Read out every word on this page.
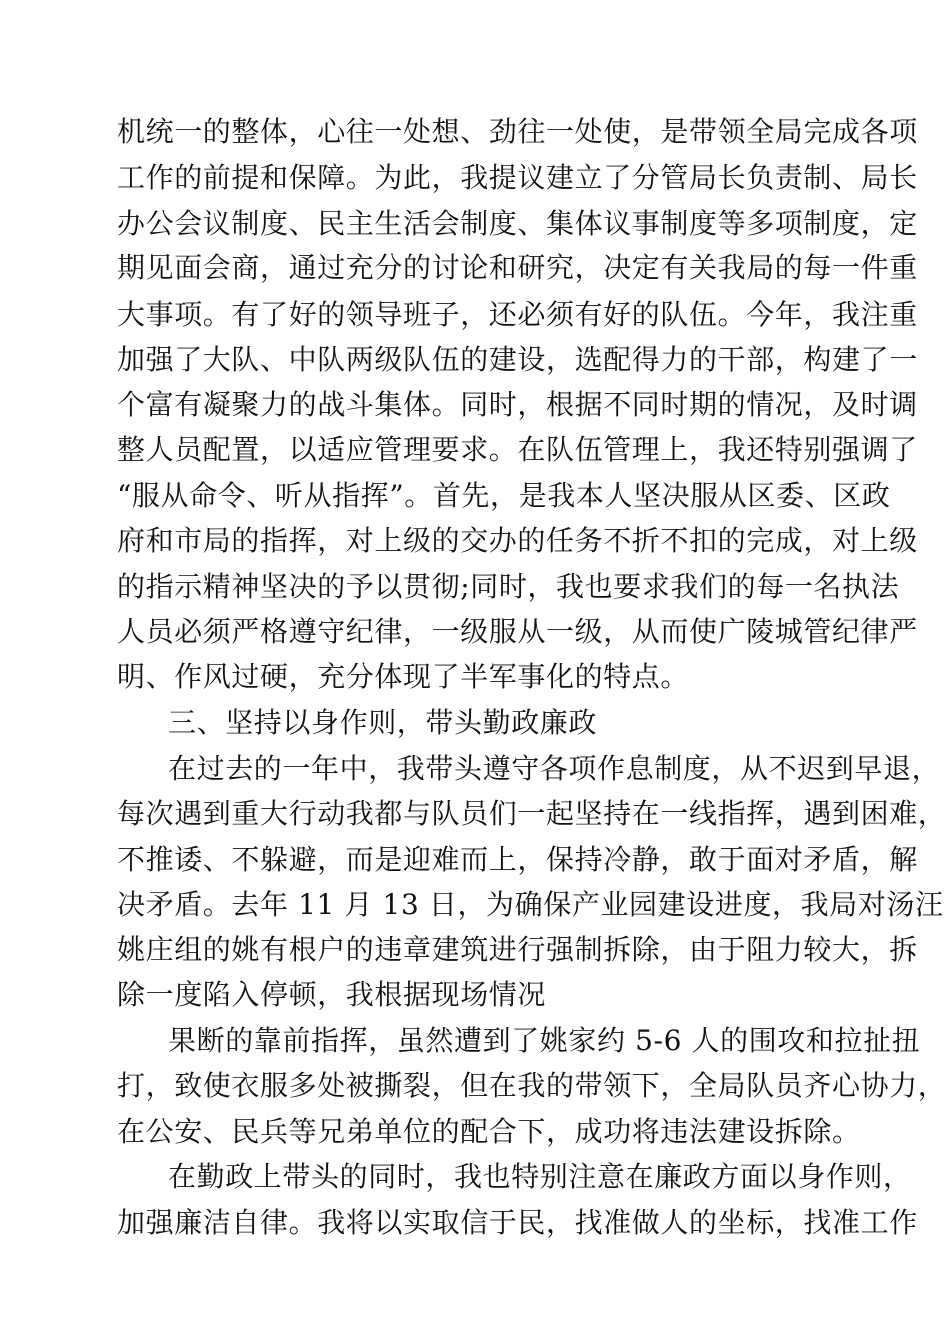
机统一的整体，心往一处想、劲往一处使，是带领全局完成各项
工作的前提和保障。为此，我提议建立了分管局长负责制、局长
办公会议制度、民主生活会制度、集体议事制度等多项制度，定
期见面会商，通过充分的讨论和研究，决定有关我局的每一件重
大事项。有了好的领导班子，还必须有好的队伍。今年，我注重
加强了大队、中队两级队伍的建设，选配得力的干部，构建了一
个富有凝聚力的战斗集体。同时，根据不同时期的情况，及时调
整人员配置，以适应管理要求。在队伍管理上，我还特别强调了
“服从命令、听从指挥”。首先，是我本人坚决服从区委、区政
府和市局的指挥，对上级的交办的任务不折不扣的完成，对上级
的指示精神坚决的予以贯彻;同时，我也要求我们的每一名执法
人员必须严格遵守纪律，一级服从一级，从而使广陵城管纪律严
明、作风过硬，充分体现了半军事化的特点。
三、坚持以身作则，带头勤政廉政
在过去的一年中，我带头遵守各项作息制度，从不迟到早退，
每次遇到重大行动我都与队员们一起坚持在一线指挥，遇到困难，
不推诿、不躲避，而是迎难而上，保持冷静，敢于面对矛盾，解
决矛盾。去年 11 月 13 日，为确保产业园建设进度，我局对汤汪
姚庄组的姚有根户的违章建筑进行强制拆除，由于阻力较大，拆
除一度陷入停顿，我根据现场情况
果断的靠前指挥，虽然遭到了姚家约 5-6 人的围攻和拉扯扭
打，致使衣服多处被撕裂，但在我的带领下，全局队员齐心协力，
在公安、民兵等兄弟单位的配合下，成功将违法建设拆除。
在勤政上带头的同时，我也特别注意在廉政方面以身作则，
加强廉洁自律。我将以实取信于民，找准做人的坐标，找准工作
